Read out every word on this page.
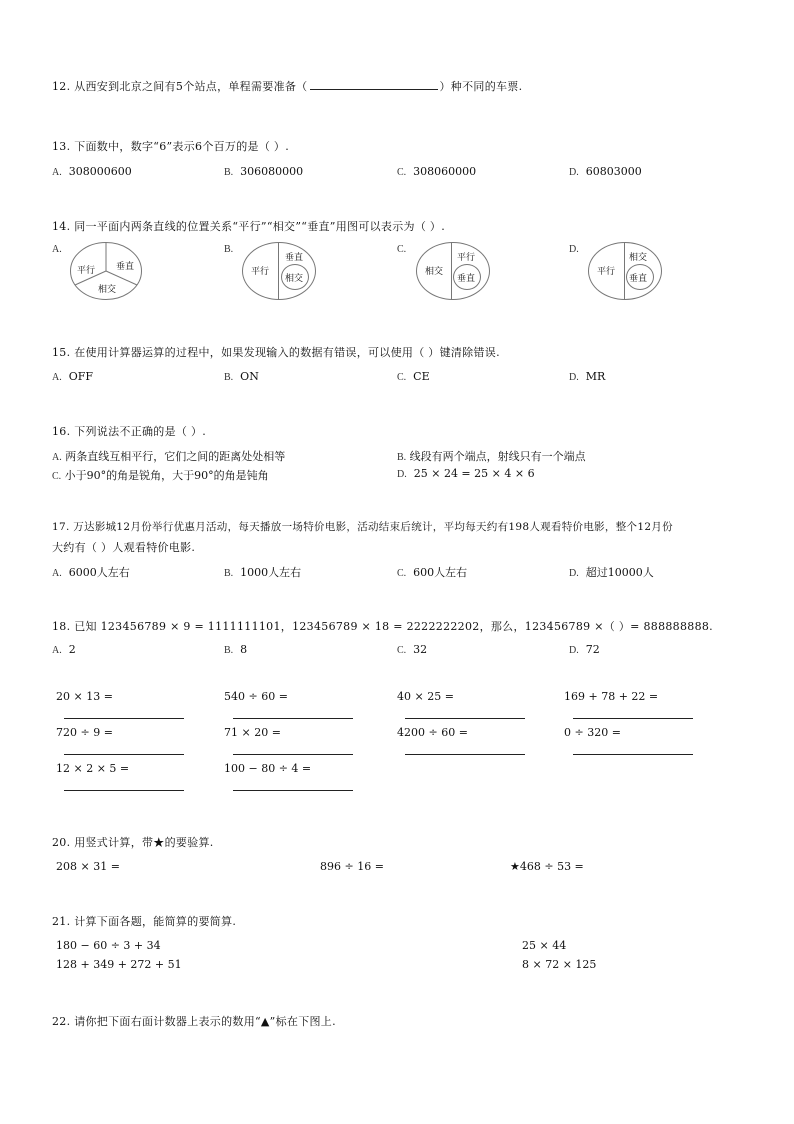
12. 从西安到北京之间有5个站点，单程需要准备（	）种不同的车票.
13. 下面数中，数字“6”表示6个百万的是（ ）.
A. 308000600	B. 306080000	C. 308060000	D. 60803000
14. 同一平面内两条直线的位置关系“平行”“相交”“垂直”用图可以表示为（ ）.
A.	B.	C.	D.
平行 垂直
相交
平行
垂直
相交
相交
平行
垂直
平行
相交
垂直
15. 在使用计算器运算的过程中，如果发现输入的数据有错误，可以使用（ ）键清除错误.
A. OFF	B. ON	C. CE	D. MR
16. 下列说法不正确的是（ ）.
A. 两条直线互相平行，它们之间的距离处处相等	B. 线段有两个端点，射线只有一个端点
C. 小于90°的角是锐角，大于90°的角是钝角	D. 25 × 24 = 25 × 4 × 6
17. 万达影城12月份举行优惠月活动，每天播放一场特价电影，活动结束后统计，平均每天约有198人观看特价电影，整个12月份
大约有（ ）人观看特价电影.
A. 6000人左右	B. 1000人左右	C. 600人左右	D. 超过10000人
18. 已知 123456789 × 9 = 1111111101，123456789 × 18 = 2222222202，那么，123456789 ×（ ）= 888888888.
A. 2	B. 8	C. 32	D. 72
20 × 13 =	540 ÷ 60 =	40 × 25 =	169 + 78 + 22 =
720 ÷ 9 =	71 × 20 =	4200 ÷ 60 =	0 ÷ 320 =
12 × 2 × 5 =	100 − 80 ÷ 4 =
20. 用竖式计算，带★的要验算.
208 × 31 =	896 ÷ 16 =	★468 ÷ 53 =
21. 计算下面各题，能简算的要简算.
180 − 60 ÷ 3 + 34	25 × 44
128 + 349 + 272 + 51	8 × 72 × 125
22. 请你把下面右面计数器上表示的数用“▲”标在下图上.
